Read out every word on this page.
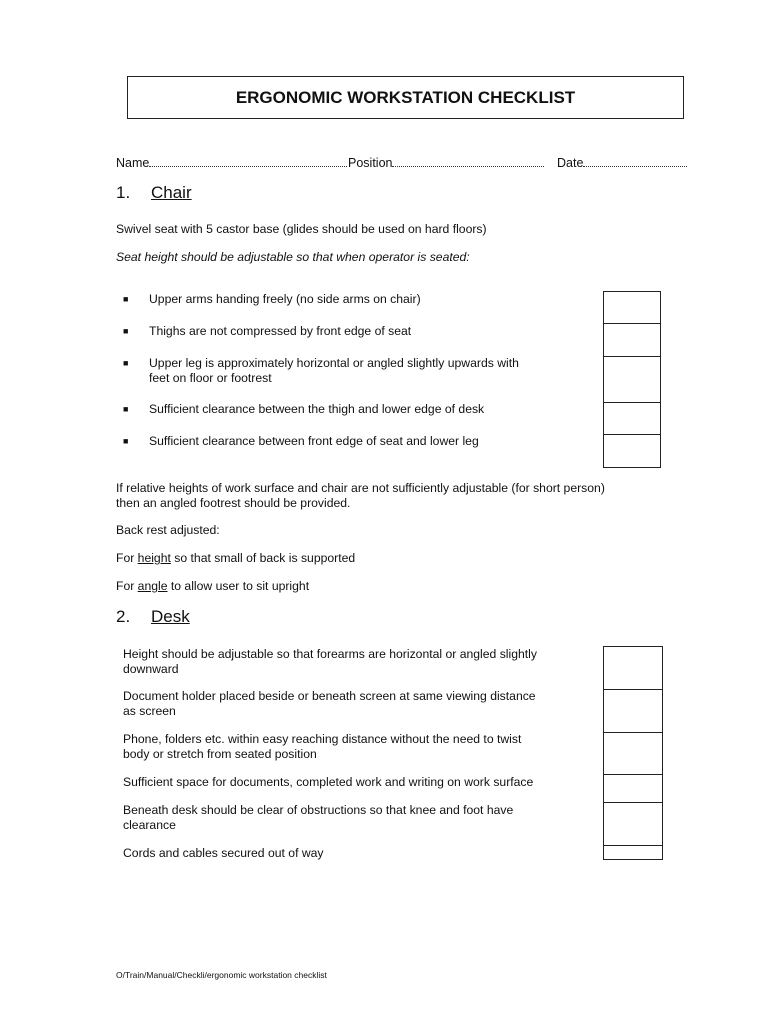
ERGONOMIC WORKSTATION CHECKLIST
Name	Position	Date
1. Chair
Swivel seat with 5 castor base (glides should be used on hard floors)
Seat height should be adjustable so that when operator is seated:
■ Upper arms handing freely (no side arms on chair)
■ Thighs are not compressed by front edge of seat
■ Upper leg is approximately horizontal or angled slightly upwards with
feet on floor or footrest
■ Sufficient clearance between the thigh and lower edge of desk
■ Sufficient clearance between front edge of seat and lower leg
If relative heights of work surface and chair are not sufficiently adjustable (for short person)
then an angled footrest should be provided.
Back rest adjusted:
For height so that small of back is supported
For angle to allow user to sit upright
2. Desk
Height should be adjustable so that forearms are horizontal or angled slightly
downward
Document holder placed beside or beneath screen at same viewing distance
as screen
Phone, folders etc. within easy reaching distance without the need to twist
body or stretch from seated position
Sufficient space for documents, completed work and writing on work surface
Beneath desk should be clear of obstructions so that knee and foot have
clearance
Cords and cables secured out of way
O/Train/Manual/Checkli/ergonomic workstation checklist
